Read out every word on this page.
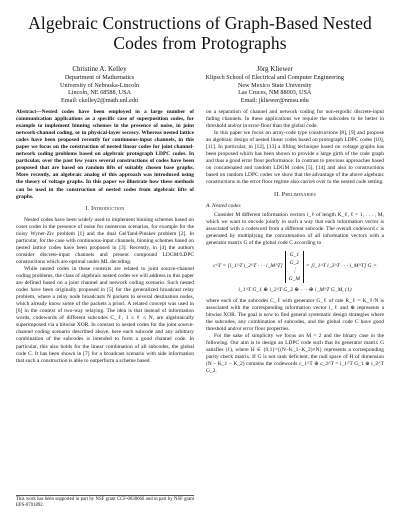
Algebraic Constructions of Graph-Based Nested Codes from Protographs
Christine A. Kelley
Department of Mathematics
University of Nebraska-Lincoln
Lincoln, NE 68588, USA
Email: ckelley2@math.unl.edu
Jörg Kliewer
Klipsch School of Electrical and Computer Engineering
New Mexico State University
Las Cruces, NM 88003, USA
Email: jkliewer@nmsu.edu

Abstract—Nested codes have been employed in a large number of communication applications as a specific case of superposition codes, for example to implement binning schemes in the presence of noise, in joint network-channel coding, or in physical-layer secrecy. Whereas nested lattice codes have been proposed recently for continuous-input channels, in this paper we focus on the construction of nested linear codes for joint channel-network coding problems based on algebraic protograph LDPC codes. In particular, over the past few years several constructions of codes have been proposed that are based on random lifts of suitably chosen base graphs. More recently, an algebraic analog of this approach was introduced using the theory of voltage graphs. In this paper we illustrate how these methods can be used in the construction of nested codes from algebraic lifts of graphs.

I. Introduction

Nested codes have been widely used to implement binning schemes based on coset codes in the presence of noise for numerous scenarios, for example for the noisy Wyner-Ziv problem [1] and the dual Gel'fand-Pinsker problem [2]. In particular, for the case with continuous-input channels, binning schemes based on nested lattice codes have been proposed in [3]. Recently, in [4] the authors consider discrete-input channels and present compound LDGM/LDPC constructions which are optimal under ML decoding.

While nested codes in these contexts are related to joint source-channel coding problems, the class of algebraic nested codes we will address in this paper are defined based on a joint channel and network coding scenario. Such nested codes have been originally proposed in [5] for the generalized broadcast relay problem, where a relay node broadcasts N packets to several destination nodes, which already know some of the packets a priori. A related concept was used in [6] in the context of two-way relaying. The idea is that instead of information words, codewords of different subcodes C_ℓ, 1 ≤ ℓ ≤ N, are algebraically superimposed via a bitwise XOR. In contrast to nested codes for the joint source-channel coding scenario described above, here each subcode and any arbitrary combination of the subcodes is intended to form a good channel code. In particular, this also holds for the linear combination of all subcodes, the global code C. It has been shown in [7] for a broadcast scenario with side information that such a construction is able to outperform a scheme based

This work has been supported in part by NSF grant CCF-0830666 and in part by NSF grant EPS-0701892.

on a separation of channel and network coding for non-ergodic discrete-input fading channels. In these applications we require the subcodes to be better in threshold and/or in error-floor than the global code.

In this paper we focus on array-code type constructions [8], [9] and propose an algebraic design of nested linear codes based on protograph LDPC codes [10], [11]. In particular, in [12], [13] a lifting technique based on voltage graphs has been proposed which has been shown to provide a large girth of the code graph and thus a good error floor performance. In contrast to previous approaches based on concatenated and random LDGM codes [5], [14] and also to constructions based on random LDPC codes we show that the advantage of the above algebraic constructions in the error floor regime also carries over to the nested code setting.

II. Preliminaries
A. Nested codes

Consider M different information vectors i_ℓ of length K_ℓ, ℓ = 1, . . . , M, which we want to encode jointly in such a way that each information vector is associated with a codeword from a different subcode. The overall codeword c is generated by multiplying the concatenation of all information vectors with a generator matrix G of the global code C according to

c^T = [i_1^T i_2^T · · · i_M^T]
G_1
G_2
⋮
G_M
= [i_1^T i_2^T · · · i_M^T] G =
i_1^T G_1 ⊕ i_2^T G_2 ⊕ · · · ⊕ i_M^T G_M, (1)

where each of the subcodes C_ℓ with generator G_ℓ of rate R_ℓ = K_ℓ/N is associated with the corresponding information vector i_ℓ and ⊕ represents a bitwise XOR. The goal is now to find general systematic design strategies where the subcodes, any combination of subcodes, and the global code C have good threshold and/or error floor properties.

For the sake of simplicity we focus on M = 2 and the binary case in the following. Our aim is to design an LDPC code such that its generator matrix G satisfies (1), where H ∈ {0,1}^{(N−K_1−K_2)×N} represents a corresponding parity check matrix. If G is not rank deficient, the null space of H of dimension (N − K_1 − K_2) contains the codewords c_1^T ⊕ c_2^T = i_1^T G_1 ⊕ i_2^T G_2.
